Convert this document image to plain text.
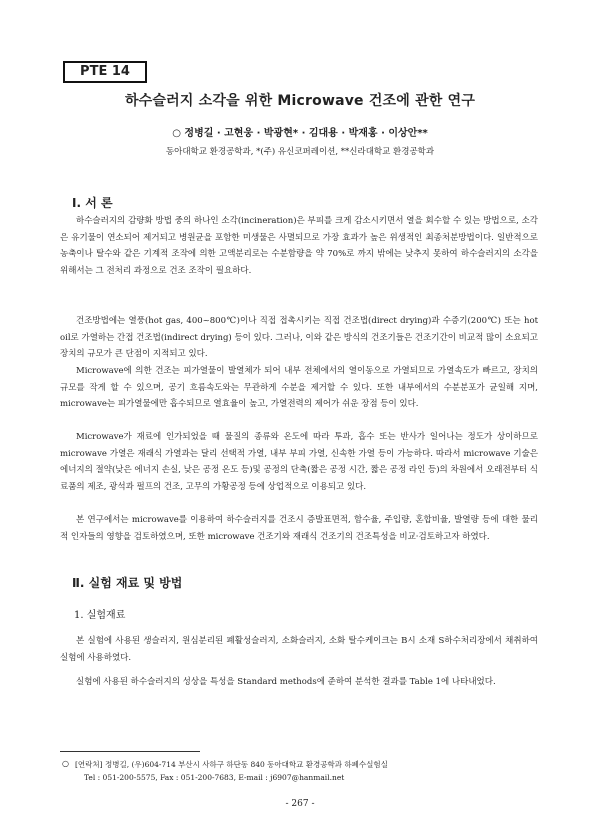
PTE 14
하수슬러지 소각을 위한 Microwave 건조에 관한 연구
○ 정병길 · 고현웅 · 박광현* · 김대용 · 박재홍 · 이상안**
동아대학교 환경공학과, *(주) 유신코퍼레이션, **신라대학교 환경공학과
Ⅰ. 서 론

하수슬러지의 감량화 방법 중의 하나인 소각(incineration)은 부피를 크게 감소시키면서 열을 회수할 수 있는 방법으로, 소각은 유기물이 연소되어 제거되고 병원균을 포함한 미생물은 사멸되므로 가장 효과가 높은 위생적인 최종처분방법이다. 일반적으로 농축이나 탈수와 같은 기계적 조작에 의한 고액분리로는 수분함량을 약 70%로 까지 밖에는 낮추지 못하여 하수슬러지의 소각을 위해서는 그 전처리 과정으로 건조 조작이 필요하다.

건조방법에는 열풍(hot gas, 400~800℃)이나 직접 접촉시키는 직접 건조법(direct drying)과 수증기(200℃) 또는 hot oil로 가열하는 간접 건조법(indirect drying) 등이 있다. 그러나, 이와 같은 방식의 건조기들은 건조기간이 비교적 많이 소요되고 장치의 규모가 큰 단점이 지적되고 있다.

Microwave에 의한 건조는 피가열물이 발열체가 되어 내부 전체에서의 열이동으로 가열되므로 가열속도가 빠르고, 장치의 규모를 작게 할 수 있으며, 공기 흐름속도와는 무관하게 수분을 제거할 수 있다. 또한 내부에서의 수분분포가 균일해 지며, microwave는 피가열물에만 흡수되므로 열효율이 높고, 가열전력의 제어가 쉬운 장점 등이 있다.

Microwave가 재료에 인가되었을 때 물질의 종류와 온도에 따라 투과, 흡수 또는 반사가 일어나는 정도가 상이하므로 microwave 가열은 재래식 가열과는 달리 선택적 가열, 내부 부피 가열, 신속한 가열 등이 가능하다. 따라서 microwave 기술은 에너지의 절약(낮은 에너지 손실, 낮은 공정 온도 등)및 공정의 단축(짧은 공정 시간, 짧은 공정 라인 등)의 차원에서 오래전부터 식료품의 제조, 광석과 펄프의 건조, 고무의 가황공정 등에 상업적으로 이용되고 있다.

본 연구에서는 microwave를 이용하여 하수슬러지를 건조시 증발표면적, 함수율, 주입량, 혼합비율, 발열량 등에 대한 물리적 인자들의 영향을 검토하였으며, 또한 microwave 건조기와 재래식 건조기의 건조특성을 비교·검토하고자 하였다.

Ⅱ. 실험 재료 및 방법
1. 실험재료

본 실험에 사용된 생슬러지, 원심분리된 폐활성슬러지, 소화슬러지, 소화 탈수케이크는 B시 소재 S하수처리장에서 채취하여 실험에 사용하였다.

실험에 사용된 하수슬러지의 성상을 특성을 Standard methods에 준하여 분석한 결과를 Table 1에 나타내었다.

○ [연락처] 정병길, (우)604-714 부산시 사하구 하단동 840 동아대학교 환경공학과 하폐수실험실
Tel : 051-200-5575, Fax : 051-200-7683, E-mail : j6907@hanmail.net
- 267 -
